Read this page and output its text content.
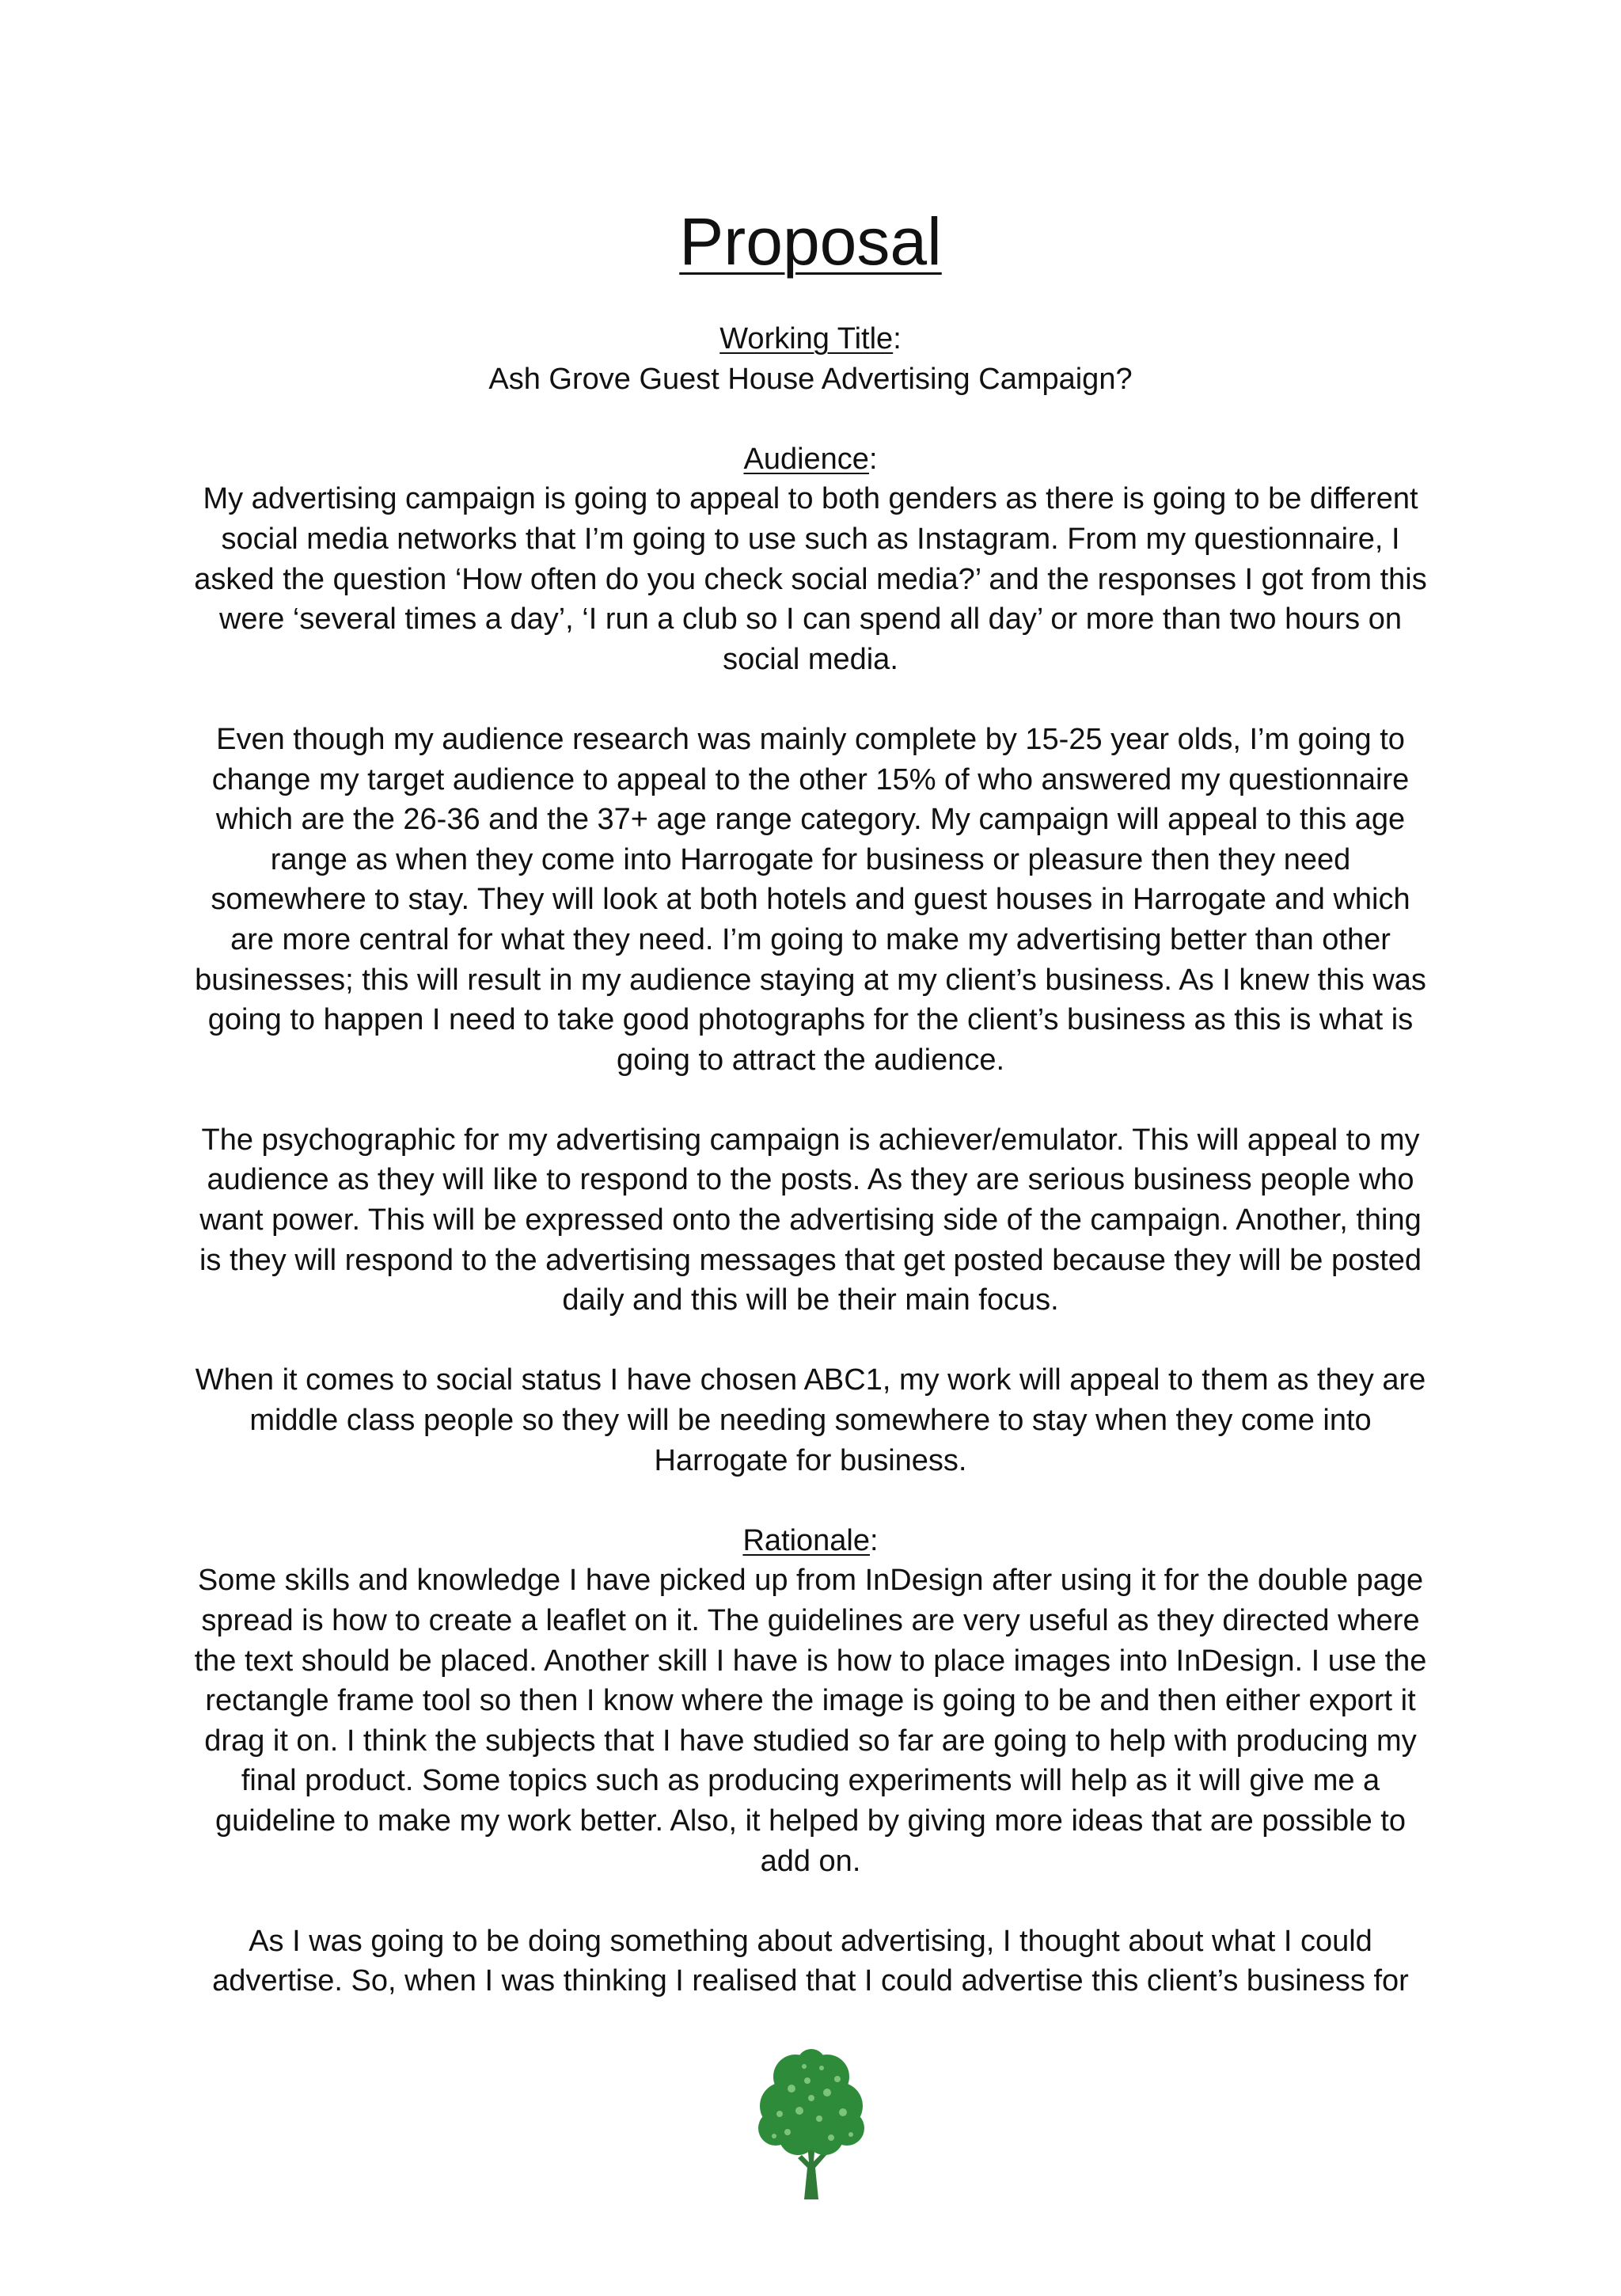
Proposal

Working Title:

Ash Grove Guest House Advertising Campaign?

Audience:

My advertising campaign is going to appeal to both genders as there is going to be different social media networks that I’m going to use such as Instagram. From my questionnaire, I asked the question ‘How often do you check social media?’ and the responses I got from this were ‘several times a day’, ‘I run a club so I can spend all day’ or more than two hours on social media.

Even though my audience research was mainly complete by 15-25 year olds, I’m going to change my target audience to appeal to the other 15% of who answered my questionnaire which are the 26-36 and the 37+ age range category. My campaign will appeal to this age range as when they come into Harrogate for business or pleasure then they need somewhere to stay. They will look at both hotels and guest houses in Harrogate and which are more central for what they need. I’m going to make my advertising better than other businesses; this will result in my audience staying at my client’s business. As I knew this was going to happen I need to take good photographs for the client’s business as this is what is going to attract the audience.

The psychographic for my advertising campaign is achiever/emulator. This will appeal to my audience as they will like to respond to the posts. As they are serious business people who want power. This will be expressed onto the advertising side of the campaign. Another, thing is they will respond to the advertising messages that get posted because they will be posted daily and this will be their main focus.

When it comes to social status I have chosen ABC1, my work will appeal to them as they are middle class people so they will be needing somewhere to stay when they come into Harrogate for business.

Rationale:

Some skills and knowledge I have picked up from InDesign after using it for the double page spread is how to create a leaflet on it. The guidelines are very useful as they directed where the text should be placed. Another skill I have is how to place images into InDesign. I use the rectangle frame tool so then I know where the image is going to be and then either export it drag it on. I think the subjects that I have studied so far are going to help with producing my final product. Some topics such as producing experiments will help as it will give me a guideline to make my work better. Also, it helped by giving more ideas that are possible to add on.

As I was going to be doing something about advertising, I thought about what I could advertise. So, when I was thinking I realised that I could advertise this client’s business for
